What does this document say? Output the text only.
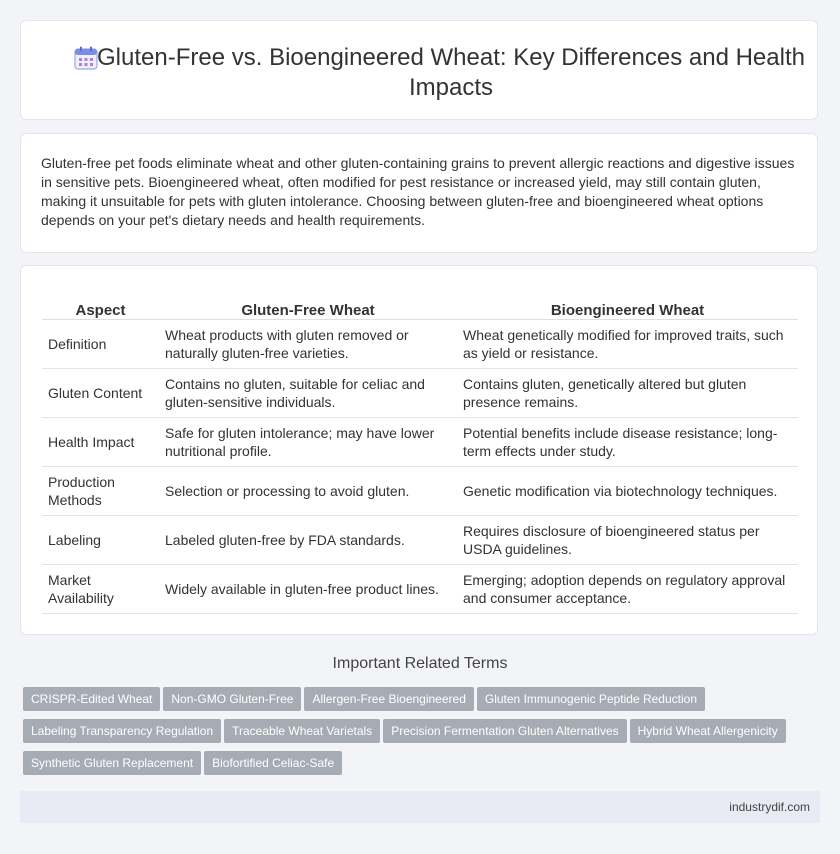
Gluten-Free vs. Bioengineered Wheat: Key Differences and Health Impacts

Gluten-free pet foods eliminate wheat and other gluten-containing grains to prevent allergic reactions and digestive issues in sensitive pets. Bioengineered wheat, often modified for pest resistance or increased yield, may still contain gluten, making it unsuitable for pets with gluten intolerance. Choosing between gluten-free and bioengineered wheat options depends on your pet's dietary needs and health requirements.

Aspect	Gluten-Free Wheat	Bioengineered Wheat
Definition	Wheat products with gluten removed or naturally gluten-free varieties.	Wheat genetically modified for improved traits, such as yield or resistance.
Gluten Content	Contains no gluten, suitable for celiac and gluten-sensitive individuals.	Contains gluten, genetically altered but gluten presence remains.
Health Impact	Safe for gluten intolerance; may have lower nutritional profile.	Potential benefits include disease resistance; long-term effects under study.
Production Methods	Selection or processing to avoid gluten.	Genetic modification via biotechnology techniques.
Labeling	Labeled gluten-free by FDA standards.	Requires disclosure of bioengineered status per USDA guidelines.
Market Availability	Widely available in gluten-free product lines.	Emerging; adoption depends on regulatory approval and consumer acceptance.
Important Related Terms
CRISPR-Edited Wheat Non-GMO Gluten-Free Allergen-Free Bioengineered Gluten Immunogenic Peptide Reduction
Labeling Transparency Regulation Traceable Wheat Varietals Precision Fermentation Gluten Alternatives Hybrid Wheat Allergenicity
Synthetic Gluten Replacement Biofortified Celiac-Safe
industrydif.com
